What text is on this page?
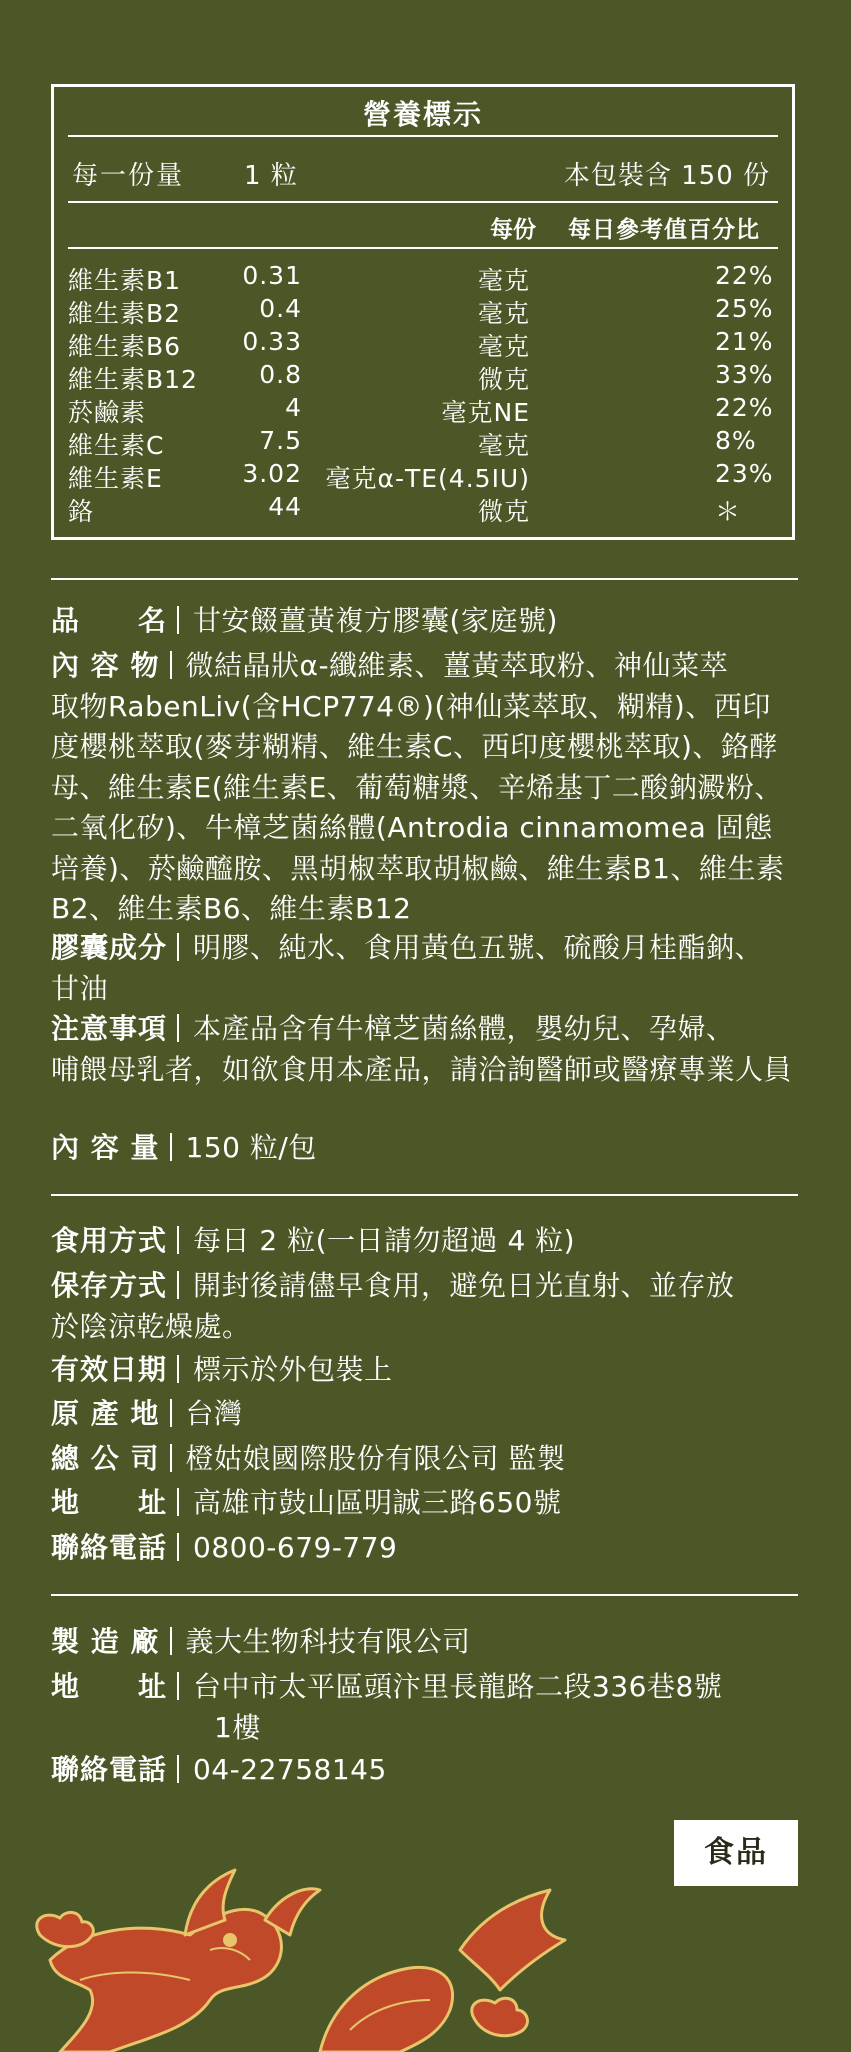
營養標示
每一份量 1 粒	本包裝含 150 份
每份 每日參考值百分比
維生素B1 0.31	毫克	22%
維生素B2	0.4	毫克	25%
維生素B6 0.33	毫克	21%
維生素B12 0.8	微克	33%
菸鹼素	4	毫克NE	22%
維生素C	7.5	毫克	8%
維生素E	3.02 毫克α-TE(4.5IU)	23%
鉻	44	微克	＊
品　　名 甘安餟薑黃複方膠囊(家庭號)
內 容 物 微結晶狀α-纖維素、薑黃萃取粉、神仙菜萃
取物RabenLiv(含HCP774®)(神仙菜萃取、糊精)、西印度櫻桃萃取(麥芽糊精、維生素C、西印度櫻桃萃取)、鉻酵母、維生素E(維生素E、葡萄糖漿、辛烯基丁二酸鈉澱粉、二氧化矽)、牛樟芝菌絲體(Antrodia cinnamomea 固態培養)、菸鹼醯胺、黑胡椒萃取胡椒鹼、維生素B1、維生素B2、維生素B6、維生素B12
膠囊成分 明膠、純水、食用黃色五號、硫酸月桂酯鈉、
甘油
注意事項 本產品含有牛樟芝菌絲體，嬰幼兒、孕婦、
哺餵母乳者，如欲食用本產品，請洽詢醫師或醫療專業人員
內 容 量 150 粒/包
食用方式 每日 2 粒(一日請勿超過 4 粒)
保存方式 開封後請儘早食用，避免日光直射、並存放
於陰涼乾燥處。
有效日期 標示於外包裝上
原 產 地 台灣
總 公 司 橙姑娘國際股份有限公司 監製
地　　址 高雄市鼓山區明誠三路650號
聯絡電話 0800-679-779
製 造 廠 義大生物科技有限公司
地　　址 台中市太平區頭汴里長龍路二段336巷8號
1樓
聯絡電話 04-22758145
食品
